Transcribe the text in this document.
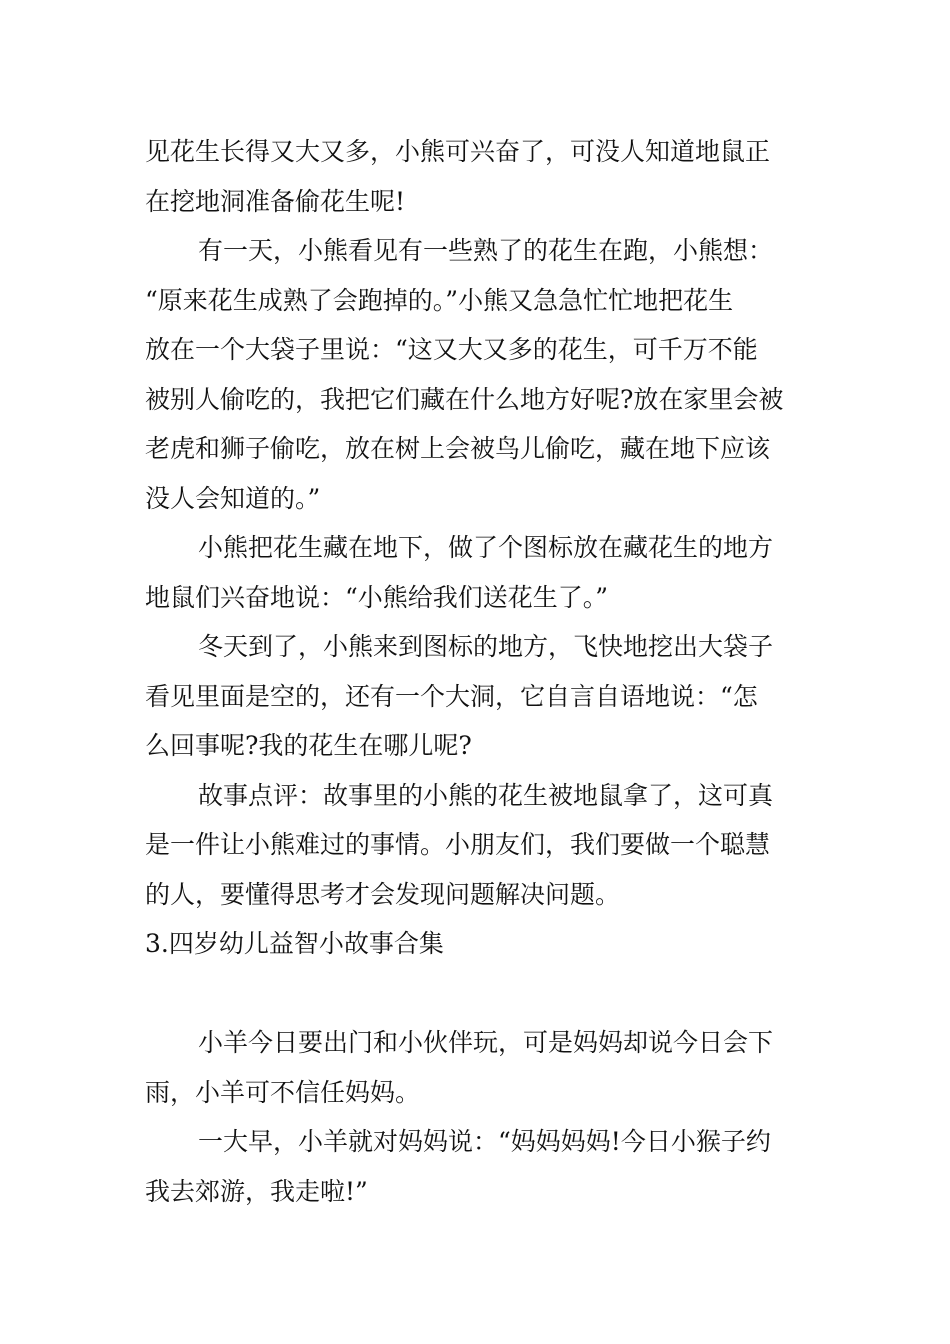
见花生长得又大又多，小熊可兴奋了，可没人知道地鼠正
在挖地洞准备偷花生呢!
有一天，小熊看见有一些熟了的花生在跑，小熊想：
“原来花生成熟了会跑掉的。”小熊又急急忙忙地把花生
放在一个大袋子里说：“这又大又多的花生，可千万不能
被别人偷吃的，我把它们藏在什么地方好呢?放在家里会被
老虎和狮子偷吃，放在树上会被鸟儿偷吃，藏在地下应该
没人会知道的。”
小熊把花生藏在地下，做了个图标放在藏花生的地方
地鼠们兴奋地说：“小熊给我们送花生了。”
冬天到了，小熊来到图标的地方，飞快地挖出大袋子
看见里面是空的，还有一个大洞，它自言自语地说：“怎
么回事呢?我的花生在哪儿呢?
故事点评：故事里的小熊的花生被地鼠拿了，这可真
是一件让小熊难过的事情。小朋友们，我们要做一个聪慧
的人，要懂得思考才会发现问题解决问题。
3.四岁幼儿益智小故事合集
小羊今日要出门和小伙伴玩，可是妈妈却说今日会下
雨，小羊可不信任妈妈。
一大早，小羊就对妈妈说：“妈妈妈妈!今日小猴子约
我去郊游，我走啦!”
